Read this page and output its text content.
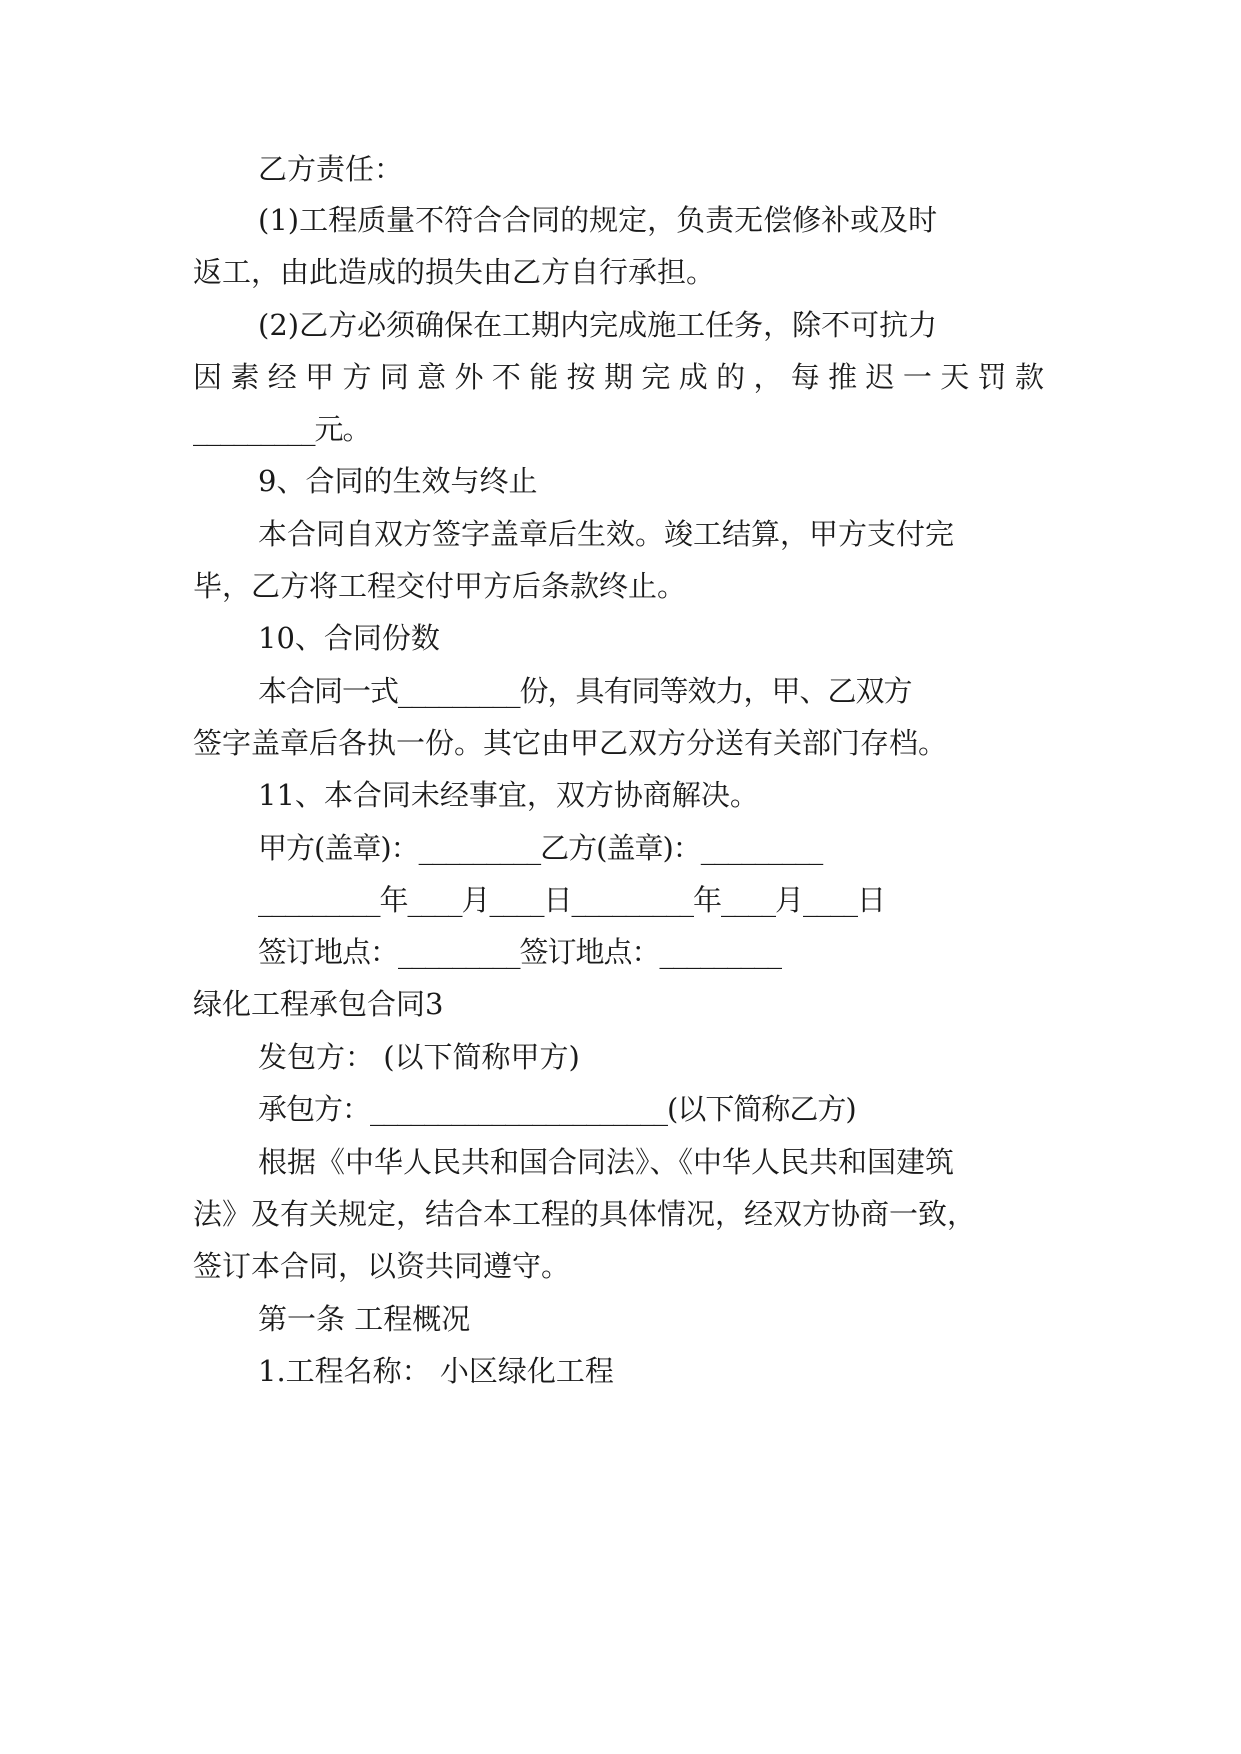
乙方责任：
(1)工程质量不符合合同的规定，负责无偿修补或及时
返工，由此造成的损失由乙方自行承担。
(2)乙方必须确保在工期内完成施工任务，除不可抗力
因素经甲方同意外不能按期完成的，每推迟一天罚款
_________元。
9、合同的生效与终止
本合同自双方签字盖章后生效。竣工结算，甲方支付完
毕，乙方将工程交付甲方后条款终止。
10、合同份数
本合同一式_________份，具有同等效力，甲、乙双方
签字盖章后各执一份。其它由甲乙双方分送有关部门存档。
11、本合同未经事宜，双方协商解决。
甲方(盖章)：_________乙方(盖章)：_________
_________年____月____日_________年____月____日
签订地点：_________签订地点：_________
绿化工程承包合同3
发包方： (以下简称甲方)
承包方：______________________(以下简称乙方)
根据《中华人民共和国合同法》、《中华人民共和国建筑
法》及有关规定，结合本工程的具体情况，经双方协商一致，
签订本合同，以资共同遵守。
第一条 工程概况
1.工程名称： 小区绿化工程
